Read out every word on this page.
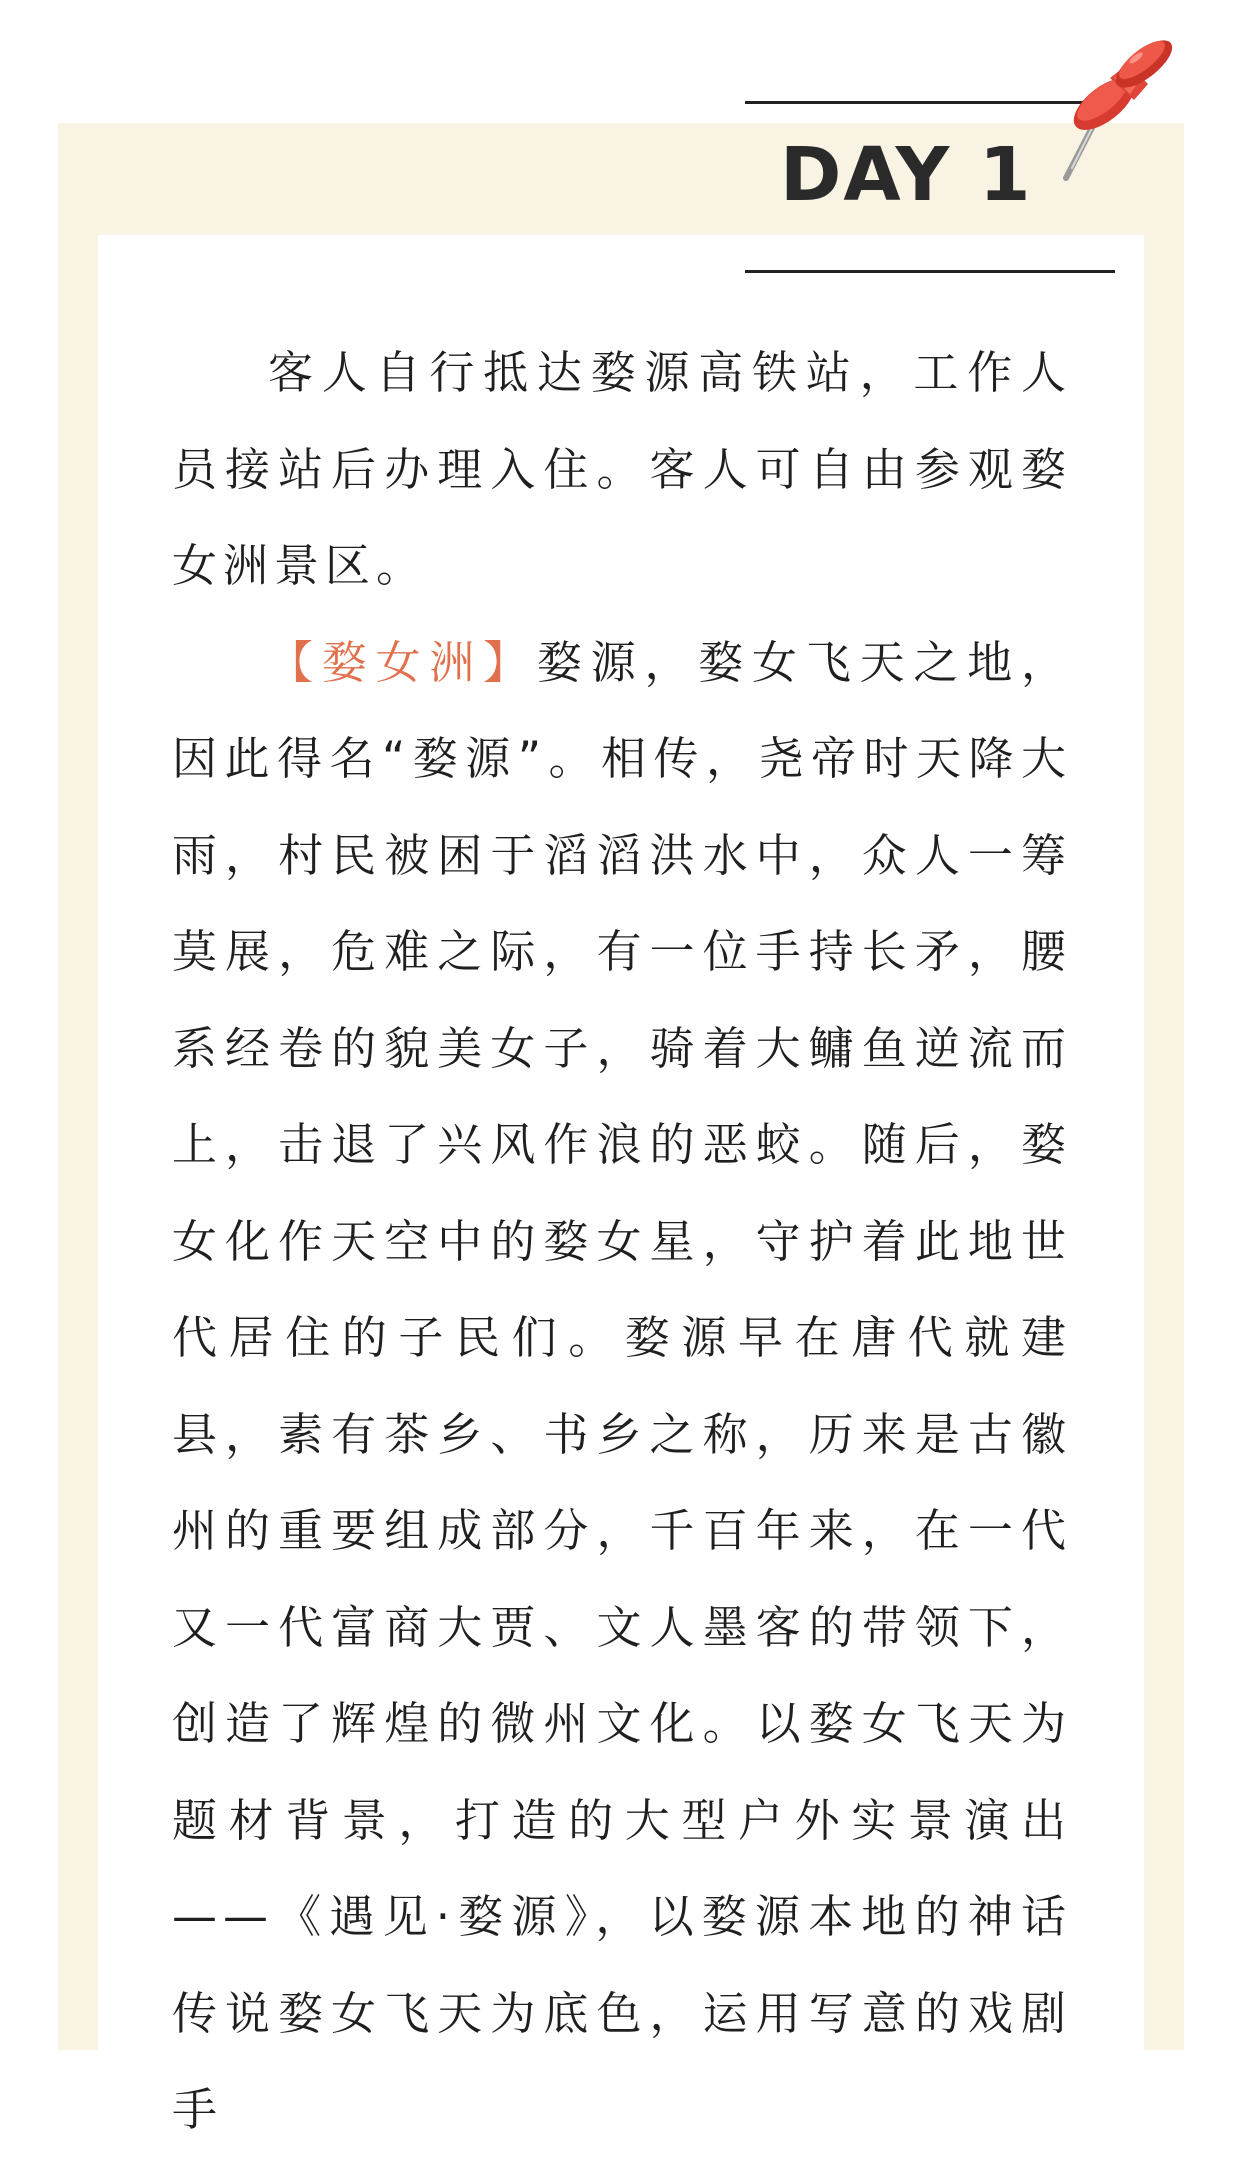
DAY 1

客人自行抵达婺源高铁站，工作人员接站后办理入住。客人可自由参观婺女洲景区。

【婺女洲】婺源，婺女飞天之地，因此得名“婺源”。相传，尧帝时天降大雨，村民被困于滔滔洪水中，众人一筹莫展，危难之际，有一位手持长矛，腰系经卷的貌美女子，骑着大鳙鱼逆流而上，击退了兴风作浪的恶蛟。随后，婺女化作天空中的婺女星，守护着此地世代居住的子民们。婺源早在唐代就建县，素有茶乡、书乡之称，历来是古徽州的重要组成部分，千百年来，在一代又一代富商大贾、文人墨客的带领下，创造了辉煌的微州文化。以婺女飞天为题材背景，打造的大型户外实景演出——《遇见·婺源》，以婺源本地的神话传说婺女飞天为底色，运用写意的戏剧手
